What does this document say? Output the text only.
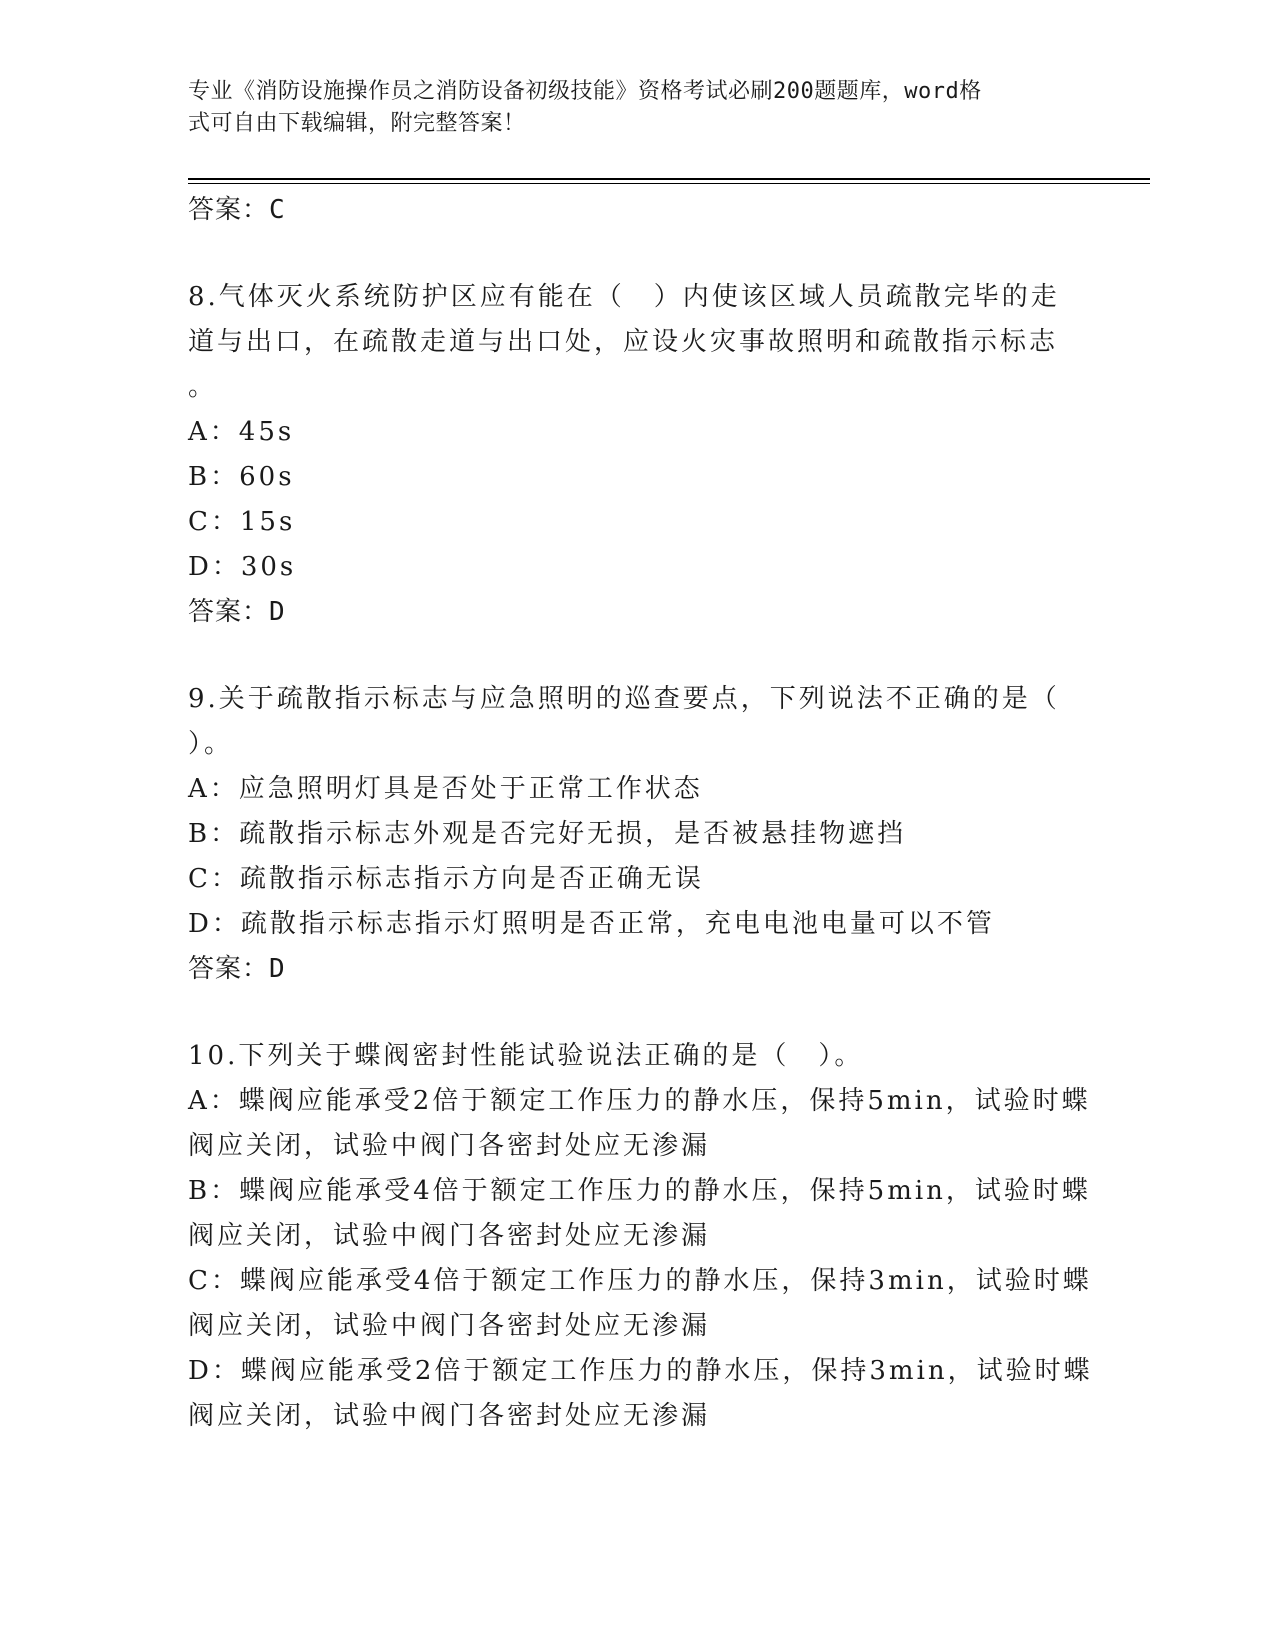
专业《消防设施操作员之消防设备初级技能》资格考试必刷200题题库，word格
式可自由下载编辑，附完整答案！
答案：C
8.气体灭火系统防护区应有能在（　）内使该区域人员疏散完毕的走
道与出口，在疏散走道与出口处，应设火灾事故照明和疏散指示标志
。
A：45s
B：60s
C：15s
D：30s
答案：D
9.关于疏散指示标志与应急照明的巡查要点，下列说法不正确的是（
）。
A：应急照明灯具是否处于正常工作状态
B：疏散指示标志外观是否完好无损，是否被悬挂物遮挡
C：疏散指示标志指示方向是否正确无误
D：疏散指示标志指示灯照明是否正常，充电电池电量可以不管
答案：D
10.下列关于蝶阀密封性能试验说法正确的是（　）。
A：蝶阀应能承受2倍于额定工作压力的静水压，保持5min，试验时蝶
阀应关闭，试验中阀门各密封处应无渗漏
B：蝶阀应能承受4倍于额定工作压力的静水压，保持5min，试验时蝶
阀应关闭，试验中阀门各密封处应无渗漏
C：蝶阀应能承受4倍于额定工作压力的静水压，保持3min，试验时蝶
阀应关闭，试验中阀门各密封处应无渗漏
D：蝶阀应能承受2倍于额定工作压力的静水压，保持3min，试验时蝶
阀应关闭，试验中阀门各密封处应无渗漏
